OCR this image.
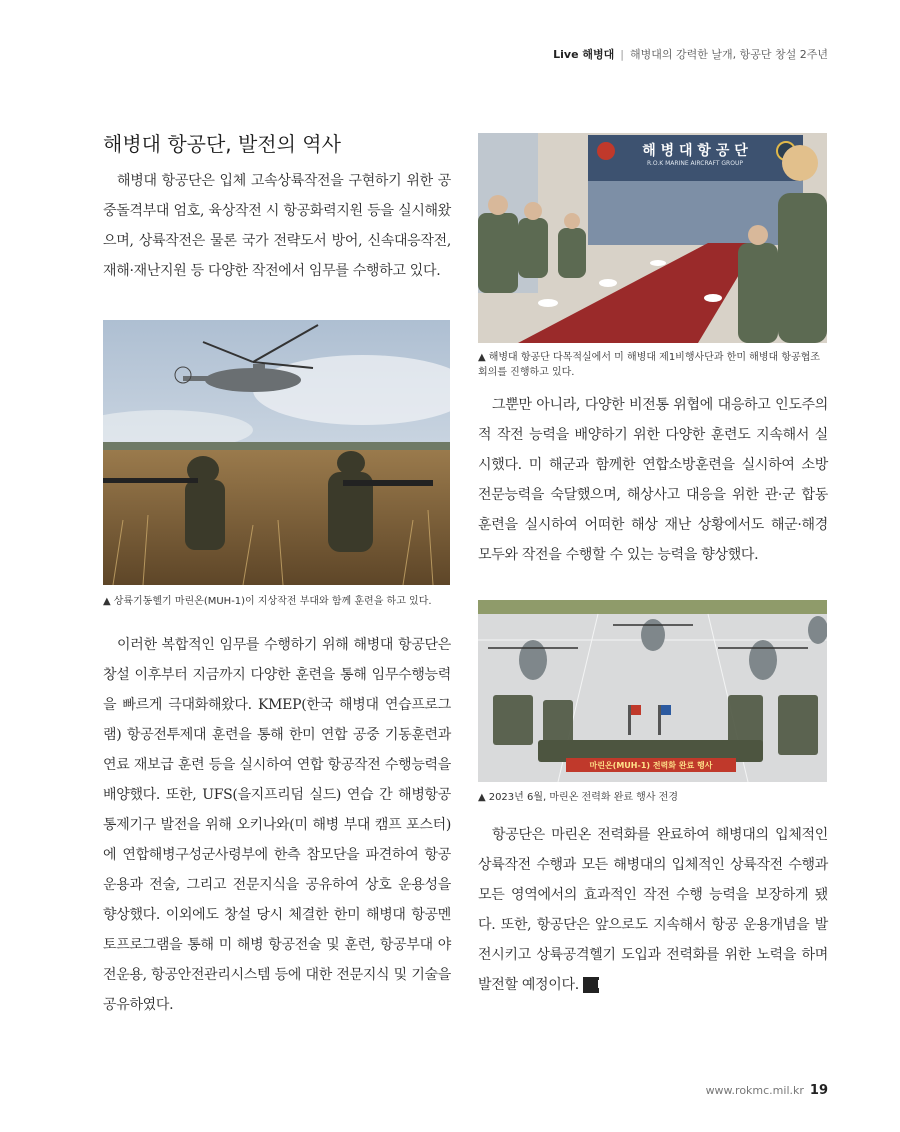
Live 해병대 | 해병대의 강력한 날개, 항공단 창설 2주년
해병대 항공단, 발전의 역사

해병대 항공단은 입체 고속상륙작전을 구현하기 위한 공중돌격부대 엄호, 육상작전 시 항공화력지원 등을 실시해왔으며, 상륙작전은 물론 국가 전략도서 방어, 신속대응작전, 재해·재난지원 등 다양한 작전에서 임무를 수행하고 있다.

▲ 상륙기동헬기 마린온(MUH-1)이 지상작전 부대와 함께 훈련을 하고 있다.

이러한 복합적인 임무를 수행하기 위해 해병대 항공단은 창설 이후부터 지금까지 다양한 훈련을 통해 임무수행능력을 빠르게 극대화해왔다. KMEP(한국 해병대 연습프로그램) 항공전투제대 훈련을 통해 한미 연합 공중 기동훈련과 연료 재보급 훈련 등을 실시하여 연합 항공작전 수행능력을 배양했다. 또한, UFS(을지프리덤 실드) 연습 간 해병항공통제기구 발전을 위해 오키나와(미 해병 부대 캠프 포스터)에 연합해병구성군사령부에 한측 참모단을 파견하여 항공운용과 전술, 그리고 전문지식을 공유하여 상호 운용성을 향상했다. 이외에도 창설 당시 체결한 한미 해병대 항공멘토프로그램을 통해 미 해병 항공전술 및 훈련, 항공부대 야전운용, 항공안전관리시스템 등에 대한 전문지식 및 기술을 공유하였다.

해 병 대 항 공 단
R.O.K MARINE AIRCRAFT GROUP
▲ 해병대 항공단 다목적실에서 미 해병대 제1비행사단과 한미 해병대 항공협조 회의를 진행하고 있다.

그뿐만 아니라, 다양한 비전통 위협에 대응하고 인도주의적 작전 능력을 배양하기 위한 다양한 훈련도 지속해서 실시했다. 미 해군과 함께한 연합소방훈련을 실시하여 소방 전문능력을 숙달했으며, 해상사고 대응을 위한 관·군 합동훈련을 실시하여 어떠한 해상 재난 상황에서도 해군·해경 모두와 작전을 수행할 수 있는 능력을 향상했다.

마린온(MUH-1) 전력화 완료 행사
▲ 2023년 6월, 마린온 전력화 완료 행사 전경

항공단은 마린온 전력화를 완료하여 해병대의 입체적인 상륙작전 수행과 모든 해병대의 입체적인 상륙작전 수행과 모든 영역에서의 효과적인 작전 수행 능력을 보장하게 됐다. 또한, 항공단은 앞으로도 지속해서 항공 운용개념을 발전시키고 상륙공격헬기 도입과 전력화를 위한 노력을 하며 발전할 예정이다. M

www.rokmc.mil.kr 19
